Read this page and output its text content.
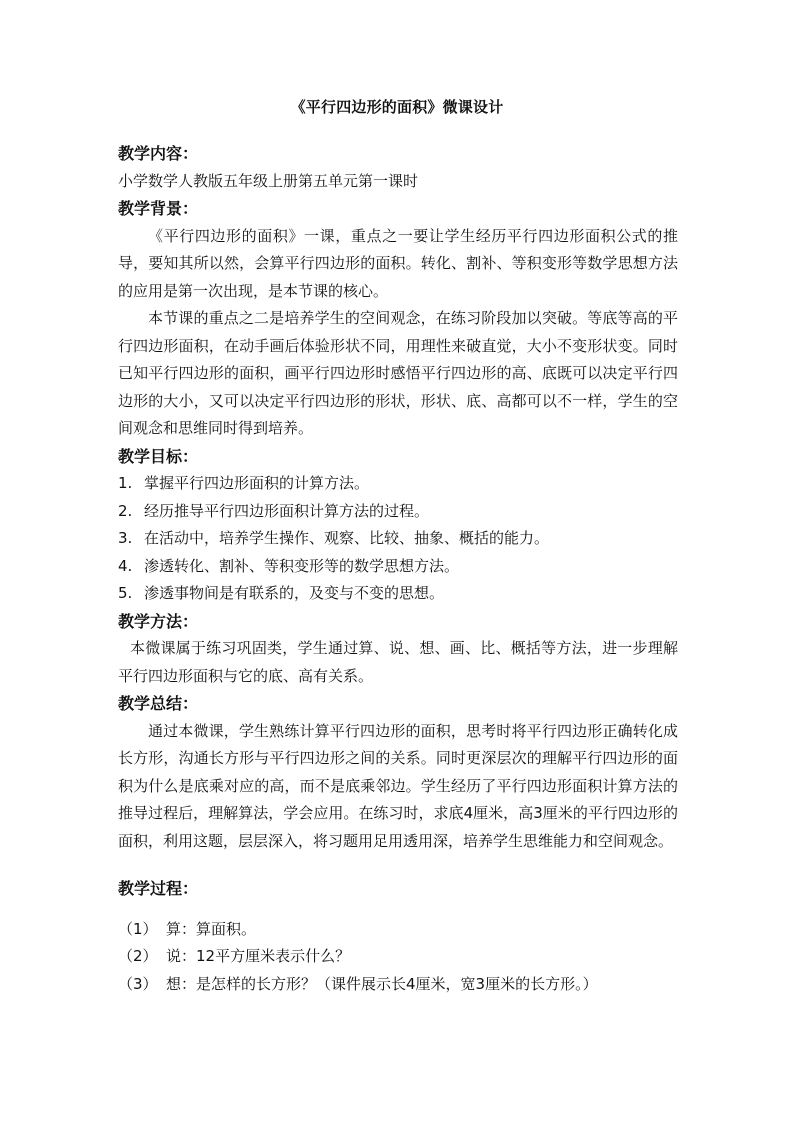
《平行四边形的面积》微课设计
教学内容：
小学数学人教版五年级上册第五单元第一课时
教学背景：
《平行四边形的面积》一课，重点之一要让学生经历平行四边形面积公式的推导，要知其所以然，会算平行四边形的面积。转化、割补、等积变形等数学思想方法的应用是第一次出现，是本节课的核心。
本节课的重点之二是培养学生的空间观念，在练习阶段加以突破。等底等高的平行四边形面积，在动手画后体验形状不同，用理性来破直觉，大小不变形状变。同时已知平行四边形的面积，画平行四边形时感悟平行四边形的高、底既可以决定平行四边形的大小，又可以决定平行四边形的形状，形状、底、高都可以不一样，学生的空间观念和思维同时得到培养。
教学目标：
1. 掌握平行四边形面积的计算方法。
2. 经历推导平行四边形面积计算方法的过程。
3. 在活动中，培养学生操作、观察、比较、抽象、概括的能力。
4. 渗透转化、割补、等积变形等的数学思想方法。
5. 渗透事物间是有联系的，及变与不变的思想。
教学方法：
本微课属于练习巩固类，学生通过算、说、想、画、比、概括等方法，进一步理解平行四边形面积与它的底、高有关系。
教学总结：
通过本微课，学生熟练计算平行四边形的面积，思考时将平行四边形正确转化成长方形，沟通长方形与平行四边形之间的关系。同时更深层次的理解平行四边形的面积为什么是底乘对应的高，而不是底乘邻边。学生经历了平行四边形面积计算方法的推导过程后，理解算法，学会应用。在练习时，求底4厘米，高3厘米的平行四边形的面积，利用这题，层层深入，将习题用足用透用深，培养学生思维能力和空间观念。
教学过程：
（1） 算：算面积。
（2） 说：12平方厘米表示什么？
（3） 想：是怎样的长方形？（课件展示长4厘米，宽3厘米的长方形。）
